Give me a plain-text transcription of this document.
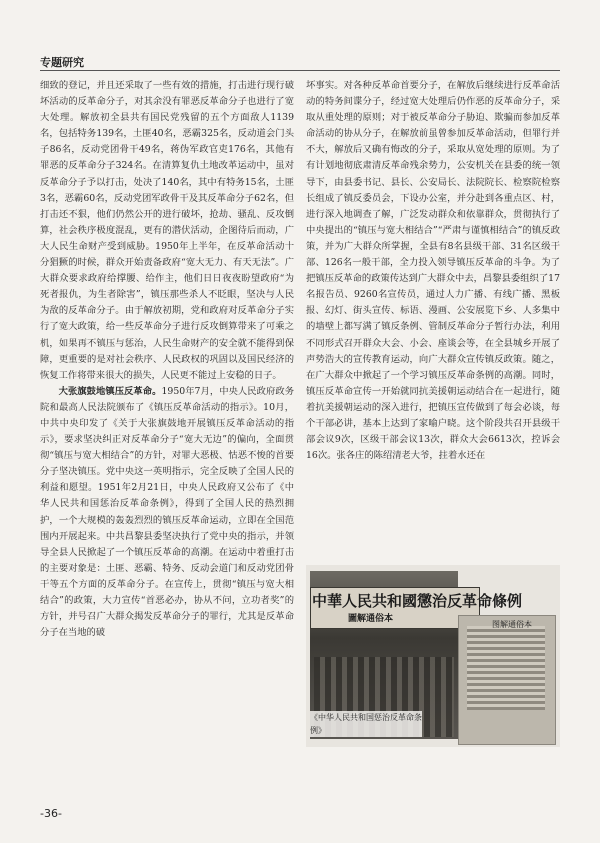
专题研究

细致的登记，并且还采取了一些有效的措施，打击进行现行破坏活动的反革命分子，对其余没有罪恶反革命分子也进行了宽大处理。解放初全县共有国民党残留的五个方面敌人1139名，包括特务139名，土匪40名，恶霸325名，反动道会门头子86名，反动党团骨干49名，蒋伪军政官吏176名，其他有罪恶的反革命分子324名。在清算复仇土地改革运动中，虽对反革命分子予以打击，处决了140名，其中有特务15名，土匪3名，恶霸60名，反动党团军政骨干及其反革命分子62名，但打击还不狠，他们仍然公开的进行破坏，抢劫、骚乱、反攻倒算，社会秩序极度混乱，更有的潜伏活动，企图待后而动，广大人民生命财产受到威胁。1950年上半年，在反革命活动十分猖獗的时候，群众开始责备政府“宽大无力、有天无法”。广大群众要求政府给撑腰、给作主，他们日日夜夜盼望政府“为死者报仇，为生者除害”，镇压那些杀人不眨眼，坚决与人民为敌的反革命分子。由于解放初期，党和政府对反革命分子实行了宽大政策，给一些反革命分子进行反攻倒算带来了可乘之机，如果再不镇压与惩治，人民生命财产的安全就不能得到保障，更重要的是对社会秩序、人民政权的巩固以及国民经济的恢复工作将带来很大的损失，人民更不能过上安稳的日子。

大张旗鼓地镇压反革命。1950年7月，中央人民政府政务院和最高人民法院颁布了《镇压反革命活动的指示》。10月，中共中央印发了《关于大张旗鼓地开展镇压反革命活动的指示》，要求坚决纠正对反革命分子“宽大无边”的偏向，全面贯彻“镇压与宽大相结合”的方针，对罪大恶极、怙恶不悛的首要分子坚决镇压。党中央这一英明指示，完全反映了全国人民的利益和愿望。1951年2月21日，中央人民政府又公布了《中华人民共和国惩治反革命条例》，得到了全国人民的热烈拥护，一个大规模的轰轰烈烈的镇压反革命运动，立即在全国范围内开展起来。中共昌黎县委坚决执行了党中央的指示，并领导全县人民掀起了一个镇压反革命的高潮。在运动中着重打击的主要对象是：土匪、恶霸、特务、反动会道门和反动党团骨干等五个方面的反革命分子。在宣传上，贯彻“镇压与宽大相结合”的政策，大力宣传“首恶必办，协从不问，立功者奖”的方针，并号召广大群众揭发反革命分子的罪行，尤其是反革命分子在当地的破

坏事实。对各种反革命首要分子，在解放后继续进行反革命活动的特务间谍分子，经过宽大处理后仍作恶的反革命分子，采取从重处理的原则；对于被反革命分子胁迫、欺骗而参加反革命活动的协从分子，在解放前虽曾参加反革命活动，但罪行并不大，解放后又确有悔改的分子，采取从宽处理的原则。为了有计划地彻底肃清反革命残余势力，公安机关在县委的统一领导下，由县委书记、县长、公安局长、法院院长、检察院检察长组成了镇反委员会，下设办公室，并分赴到各重点区、村，进行深入地调查了解，广泛发动群众和依靠群众，贯彻执行了中央提出的“镇压与宽大相结合”“严肃与谨慎相结合”的镇反政策，并为广大群众所掌握，全县有8名县级干部、31名区级干部、126名一般干部，全力投入领导镇压反革命的斗争。为了把镇压反革命的政策传达到广大群众中去，昌黎县委组织了17名报告员、9260名宣传员，通过人力广播、有线广播、黑板报、幻灯、街头宣传、标语、漫画、公安展览下乡、人多集中的墙壁上都写满了镇反条例、管制反革命分子暂行办法，利用不同形式召开群众大会、小会、座谈会等，在全县城乡开展了声势浩大的宣传教育运动，向广大群众宣传镇反政策。随之，在广大群众中掀起了一个学习镇压反革命条例的高潮。同时，镇压反革命宣传一开始就同抗美援朝运动结合在一起进行，随着抗美援朝运动的深入进行，把镇压宣传做到了每会必谈，每个干部必讲，基本上达到了家喻户晓。这个阶段共召开县级干部会议9次，区级干部会议13次，群众大会6613次，控诉会16次。张各庄的陈绍清老大爷，拄着水还在

中華人民共和國懲治反革命條例
圖解通俗本
图解通俗本
《中华人民共和国惩治反革命条例》
-36-
